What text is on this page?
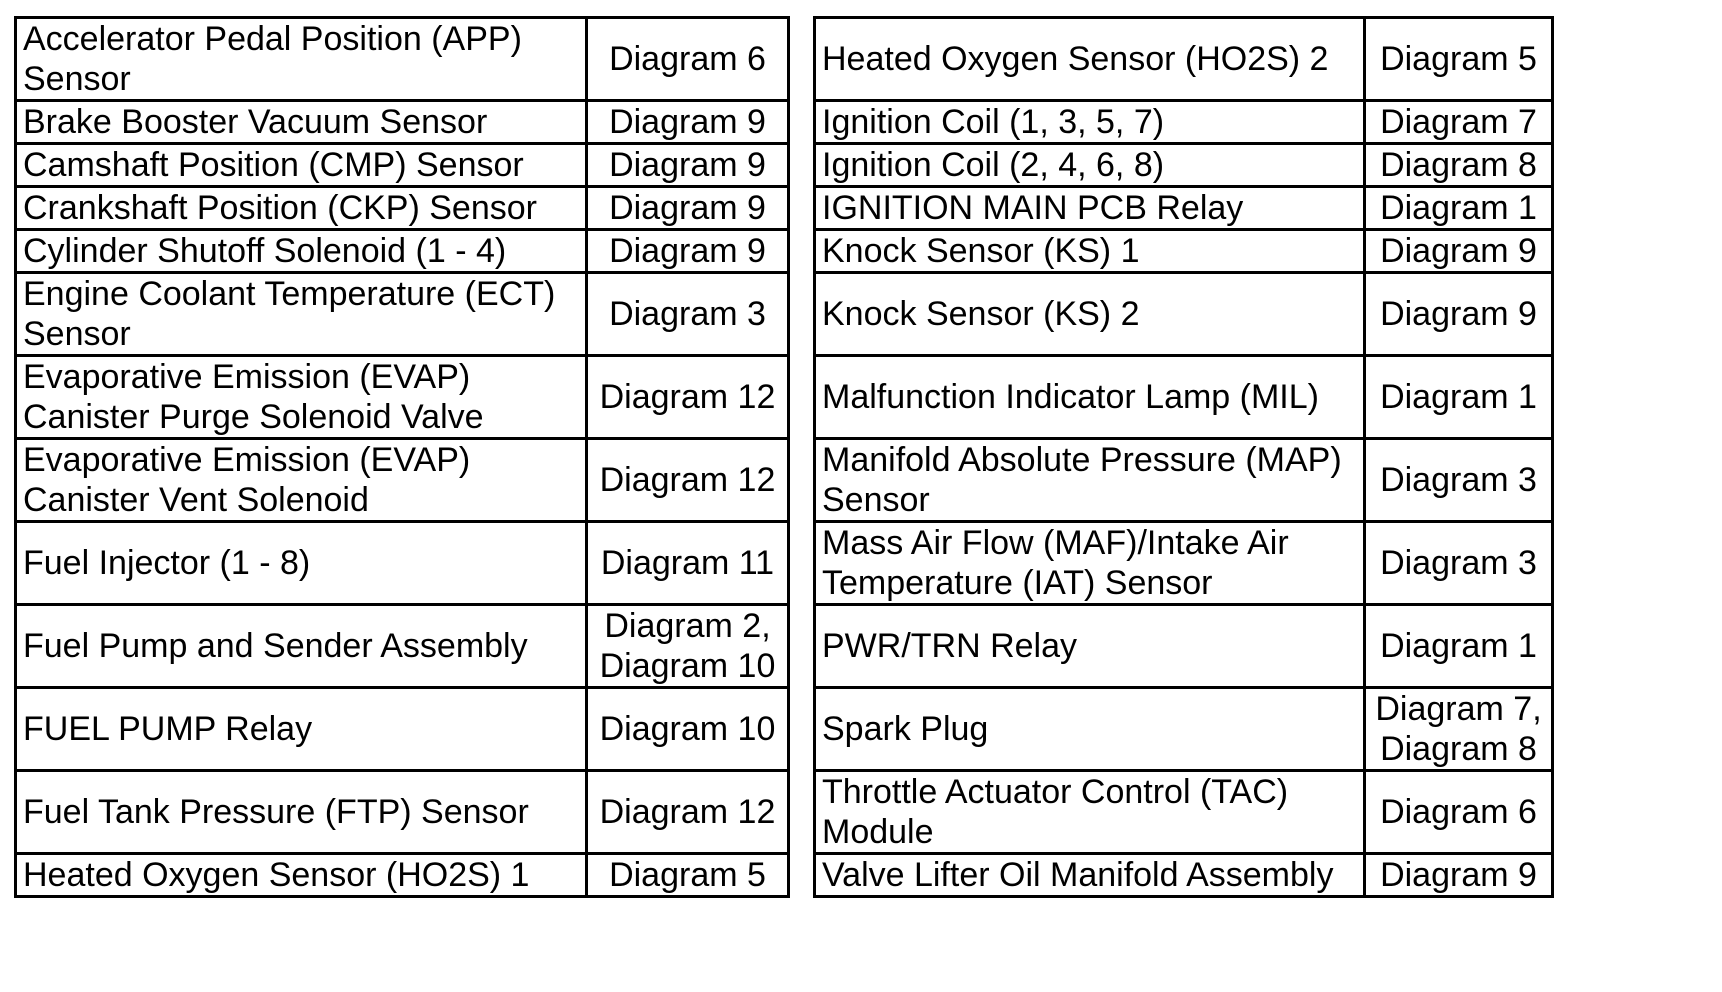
Accelerator Pedal Position (APP) Sensor	Diagram 6		Heated Oxygen Sensor (HO2S) 2	Diagram 5
Brake Booster Vacuum Sensor	Diagram 9		Ignition Coil (1, 3, 5, 7)	Diagram 7
Camshaft Position (CMP) Sensor	Diagram 9		Ignition Coil (2, 4, 6, 8)	Diagram 8
Crankshaft Position (CKP) Sensor	Diagram 9		IGNITION MAIN PCB Relay	Diagram 1
Cylinder Shutoff Solenoid (1 - 4)	Diagram 9		Knock Sensor (KS) 1	Diagram 9
Engine Coolant Temperature (ECT) Sensor	Diagram 3		Knock Sensor (KS) 2	Diagram 9
Evaporative Emission (EVAP) Canister Purge Solenoid Valve	Diagram 12		Malfunction Indicator Lamp (MIL)	Diagram 1
Evaporative Emission (EVAP) Canister Vent Solenoid	Diagram 12		Manifold Absolute Pressure (MAP) Sensor	Diagram 3
Fuel Injector (1 - 8)	Diagram 11		Mass Air Flow (MAF)/Intake Air Temperature (IAT) Sensor	Diagram 3
Fuel Pump and Sender Assembly	Diagram 2, Diagram 10		PWR/TRN Relay	Diagram 1
FUEL PUMP Relay	Diagram 10		Spark Plug	Diagram 7, Diagram 8
Fuel Tank Pressure (FTP) Sensor	Diagram 12		Throttle Actuator Control (TAC) Module	Diagram 6
Heated Oxygen Sensor (HO2S) 1	Diagram 5		Valve Lifter Oil Manifold Assembly	Diagram 9
